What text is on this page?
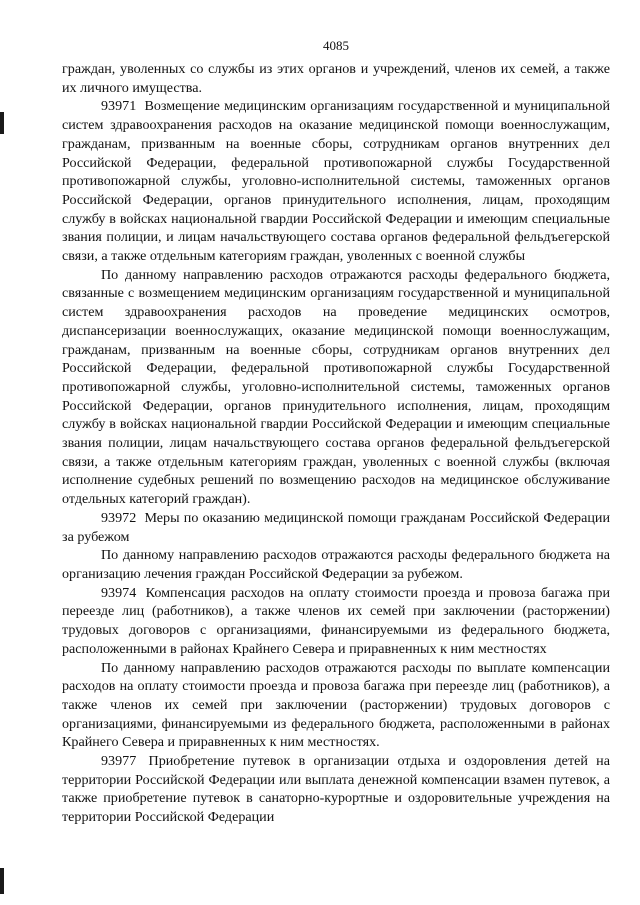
4085

граждан, уволенных со службы из этих органов и учреждений, членов их семей, а также их личного имущества.

93971 Возмещение медицинским организациям государственной и муниципальной систем здравоохранения расходов на оказание медицинской помощи военнослужащим, гражданам, призванным на военные сборы, сотрудникам органов внутренних дел Российской Федерации, федеральной противопожарной службы Государственной противопожарной службы, уголовно-исполнительной системы, таможенных органов Российской Федерации, органов принудительного исполнения, лицам, проходящим службу в войсках национальной гвардии Российской Федерации и имеющим специальные звания полиции, и лицам начальствующего состава органов федеральной фельдъегерской связи, а также отдельным категориям граждан, уволенных с военной службы

По данному направлению расходов отражаются расходы федерального бюджета, связанные с возмещением медицинским организациям государственной и муниципальной систем здравоохранения расходов на проведение медицинских осмотров, диспансеризации военнослужащих, оказание медицинской помощи военнослужащим, гражданам, призванным на военные сборы, сотрудникам органов внутренних дел Российской Федерации, федеральной противопожарной службы Государственной противопожарной службы, уголовно-исполнительной системы, таможенных органов Российской Федерации, органов принудительного исполнения, лицам, проходящим службу в войсках национальной гвардии Российской Федерации и имеющим специальные звания полиции, лицам начальствующего состава органов федеральной фельдъегерской связи, а также отдельным категориям граждан, уволенных с военной службы (включая исполнение судебных решений по возмещению расходов на медицинское обслуживание отдельных категорий граждан).

93972 Меры по оказанию медицинской помощи гражданам Российской Федерации за рубежом

По данному направлению расходов отражаются расходы федерального бюджета на организацию лечения граждан Российской Федерации за рубежом.

93974 Компенсация расходов на оплату стоимости проезда и провоза багажа при переезде лиц (работников), а также членов их семей при заключении (расторжении) трудовых договоров с организациями, финансируемыми из федерального бюджета, расположенными в районах Крайнего Севера и приравненных к ним местностях

По данному направлению расходов отражаются расходы по выплате компенсации расходов на оплату стоимости проезда и провоза багажа при переезде лиц (работников), а также членов их семей при заключении (расторжении) трудовых договоров с организациями, финансируемыми из федерального бюджета, расположенными в районах Крайнего Севера и приравненных к ним местностях.

93977 Приобретение путевок в организации отдыха и оздоровления детей на территории Российской Федерации или выплата денежной компенсации взамен путевок, а также приобретение путевок в санаторно-курортные и оздоровительные учреждения на территории Российской Федерации
